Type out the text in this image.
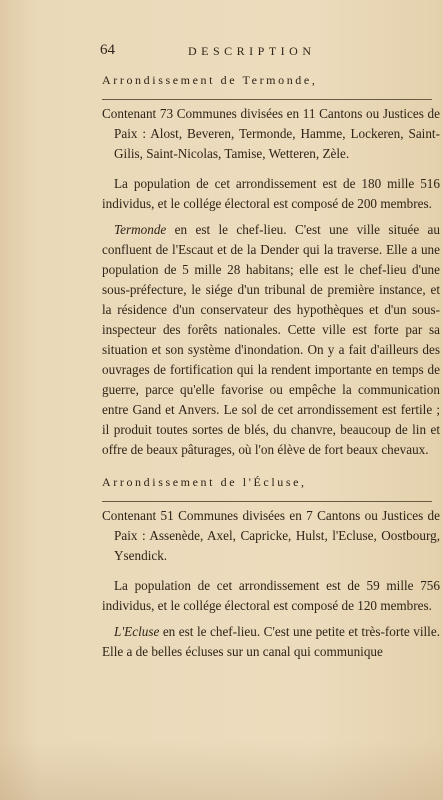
64	DESCRIPTION
Arrondissement de Termonde,

Contenant 73 Communes divisées en 11 Cantons ou Justices de Paix : Alost, Beveren, Termonde, Hamme, Lockeren, Saint-Gilis, Saint-Nicolas, Tamise, Wetteren, Zèle.

La population de cet arrondissement est de 180 mille 516 individus, et le collége électoral est composé de 200 membres.

Termonde en est le chef-lieu. C'est une ville située au confluent de l'Escaut et de la Dender qui la traverse. Elle a une population de 5 mille 28 habitans; elle est le chef-lieu d'une sous-préfecture, le siége d'un tribunal de première instance, et la résidence d'un conservateur des hypothèques et d'un sous-inspecteur des forêts nationales. Cette ville est forte par sa situation et son système d'inondation. On y a fait d'ailleurs des ouvrages de fortification qui la rendent importante en temps de guerre, parce qu'elle favorise ou empêche la communication entre Gand et Anvers. Le sol de cet arrondissement est fertile ; il produit toutes sortes de blés, du chanvre, beaucoup de lin et offre de beaux pâturages, où l'on élève de fort beaux chevaux.

Arrondissement de l'Écluse,

Contenant 51 Communes divisées en 7 Cantons ou Justices de Paix : Assenède, Axel, Capricke, Hulst, l'Ecluse, Oostbourg, Ysendick.

La population de cet arrondissement est de 59 mille 756 individus, et le collége électoral est composé de 120 membres.

L'Ecluse en est le chef-lieu. C'est une petite et très-forte ville. Elle a de belles écluses sur un canal qui communique
